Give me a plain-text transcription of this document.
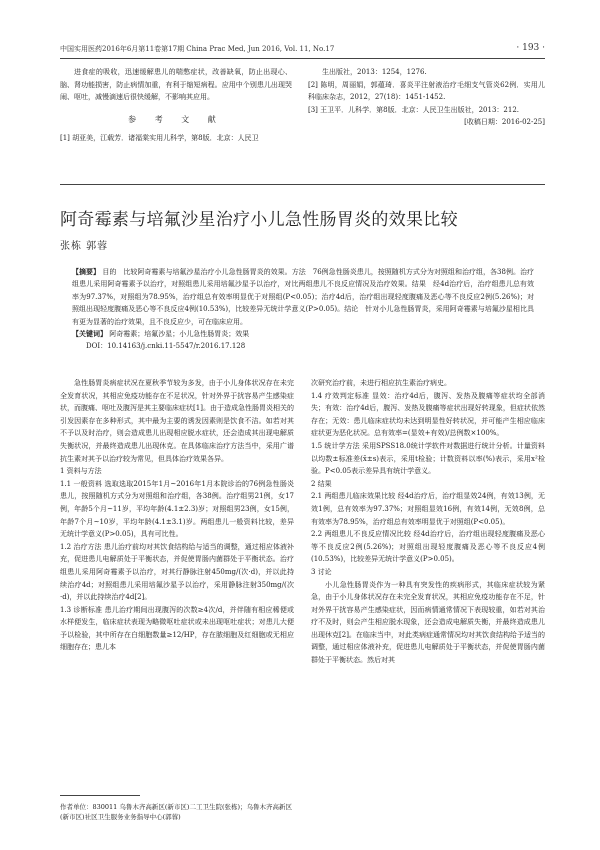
中国实用医药2016年6月第11卷第17期 China Prac Med, Jun 2016, Vol. 11, No.17	· 193 ·

进食症的吸收，迅速缓解患儿的喘憋症状，改善缺氧，防止出现心、脑、肾功能损害，防止病情加重，有利于缩短病程。应用中个别患儿出现哭闹、呕吐，减慢滴速后很快缓解，不影响其应用。

参 考 文 献

[1] 胡亚美，江载芳．诸福棠实用儿科学，第8版．北京：人民卫

生出版社，2013：1254，1276.

[2] 陈明，周丽娟，郭蕴琦．喜炎平注射液治疗毛细支气管炎62例．实用儿科临床杂志，2012，27(18)：1451-1452.

[3] 王卫平．儿科学．第8版．北京：人民卫生出版社，2013：212.

[收稿日期：2016-02-25]

阿奇霉素与培氟沙星治疗小儿急性肠胃炎的效果比较
张栋 郭蓉

【摘要】 目的　比较阿奇霉素与培氟沙星治疗小儿急性肠胃炎的效果。方法　76例急性肠炎患儿，按照随机方式分为对照组和治疗组，各38例。治疗组患儿采用阿奇霉素予以治疗，对照组患儿采用培氟沙星予以治疗，对比两组患儿不良反应情况及治疗效果。结果　经4d治疗后，治疗组患儿总有效率为97.37%，对照组为78.95%，治疗组总有效率明显优于对照组(P<0.05)；治疗4d后，治疗组出现轻度腹痛及恶心等不良反应2例(5.26%)；对照组出现轻度腹痛及恶心等不良反应4例(10.53%)，比较差异无统计学意义(P>0.05)。结论　针对小儿急性肠胃炎，采用阿奇霉素与培氟沙星相比具有更为显著的治疗效果，且不良反应少，可在临床应用。

【关键词】 阿奇霉素；培氟沙星；小儿急性肠胃炎；效果

DOI：10.14163/j.cnki.11-5547/r.2016.17.128

急性肠胃炎病症状况在夏秋季节较为多发，由于小儿身体状况存在未完全发育状况，其相应免疫功能存在不足状况，针对外界于扰容易产生感染症状，而腹痛、呕吐及腹泻是其主要临床症状[1]。由于造成急性肠胃炎相关的引发因素存在多种形式，其中最为主要的诱发因素则是饮食不洁。如若对其不予以及时治疗，则会造成患儿出现相应脱水症状，还会造成其出现电解质失衡状况，并最终造成患儿出现休克。在具体临床治疗方法当中，采用广谱抗生素对其予以治疗较为常见，但具体治疗效果各异。

1 资料与方法

1.1 一般资料 选取选取2015年1月~2016年1月本院诊治的76例急性肠炎患儿，按照随机方式分为对照组和治疗组，各38例。治疗组男21例，女17例，年龄5个月~11岁，平均年龄(4.1±2.3)岁；对照组男23例，女15例，年龄7个月~10岁，平均年龄(4.1±3.1)岁。两组患儿一般资料比较，差异无统计学意义(P>0.05)，具有可比性。

1.2 治疗方法 患儿治疗前均对其饮食结构给与适当的调整，通过相应体液补充，促进患儿电解质处于平衡状态，并促使胃肠内菌群处于平衡状态。治疗组患儿采用阿奇霉素予以治疗，对其行静脉注射450mg/(次·d)，并以此持续治疗4d；对照组患儿采用培氟沙星予以治疗，采用静脉注射350mg/(次·d)，并以此持续治疗4d[2]。

1.3 诊断标准 患儿治疗期间出现腹泻的次数≥4次/d，并伴随有相应稀便或水样便发生，临床症状表现为略微呕吐症状或未出现呕吐症状；对患儿大便予以检验，其中所存在白细胞数量≥12/HP，存在脓细胞及红细胞或无相应细胞存在；患儿本

次研究治疗前，未进行相应抗生素治疗病史。

1.4 疗效判定标准 显效：治疗4d后，腹泻、发热及腹痛等症状均全部消失；有效：治疗4d后，腹泻、发热及腹痛等症状出现好转现象，但症状依然存在；无效：患儿临床症状均未达到明显性好转状况，并可能产生相应临床症状更为恶化状况。总有效率=(显效+有效)/总例数×100%。

1.5 统计学方法 采用SPSS18.0统计学软件对数据进行统计分析。计量资料以均数±标准差(x̄±s)表示，采用t检验；计数资料以率(%)表示，采用x²检验。P<0.05表示差异具有统计学意义。

2 结果

2.1 两组患儿临床效果比较 经4d治疗后，治疗组显效24例，有效13例，无效1例，总有效率为97.37%；对照组显效16例，有效14例，无效8例，总有效率为78.95%，治疗组总有效率明显优于对照组(P<0.05)。

2.2 两组患儿不良反应情况比较 经4d治疗后，治疗组出现轻度腹痛及恶心等不良反应2例(5.26%)；对照组出现轻度腹痛及恶心等不良反应4例(10.53%)，比较差异无统计学意义(P>0.05)。

3 讨论

小儿急性肠胃炎作为一种具有突发性的疾病形式，其临床症状较为紧急，由于小儿身体状况存在未完全发育状况，其相应免疫功能存在不足，针对外界干扰容易产生感染症状，因而病情通常情况下表现较重，如若对其治疗不及时，则会产生相应脱水现象，还会造成电解质失衡，并最终造成患儿出现休克[2]。在临床当中，对此类病症通常情况均对其饮食结构给予适当的调整，通过相应体液补充，促进患儿电解质处于平衡状态，并促使胃肠内菌群处于平衡状态。然后对其

作者单位：830011 乌鲁木齐高新区(新市区)二工卫生院(张栋)；乌鲁木齐高新区(新市区)社区卫生服务业务指导中心(郭蓉)
